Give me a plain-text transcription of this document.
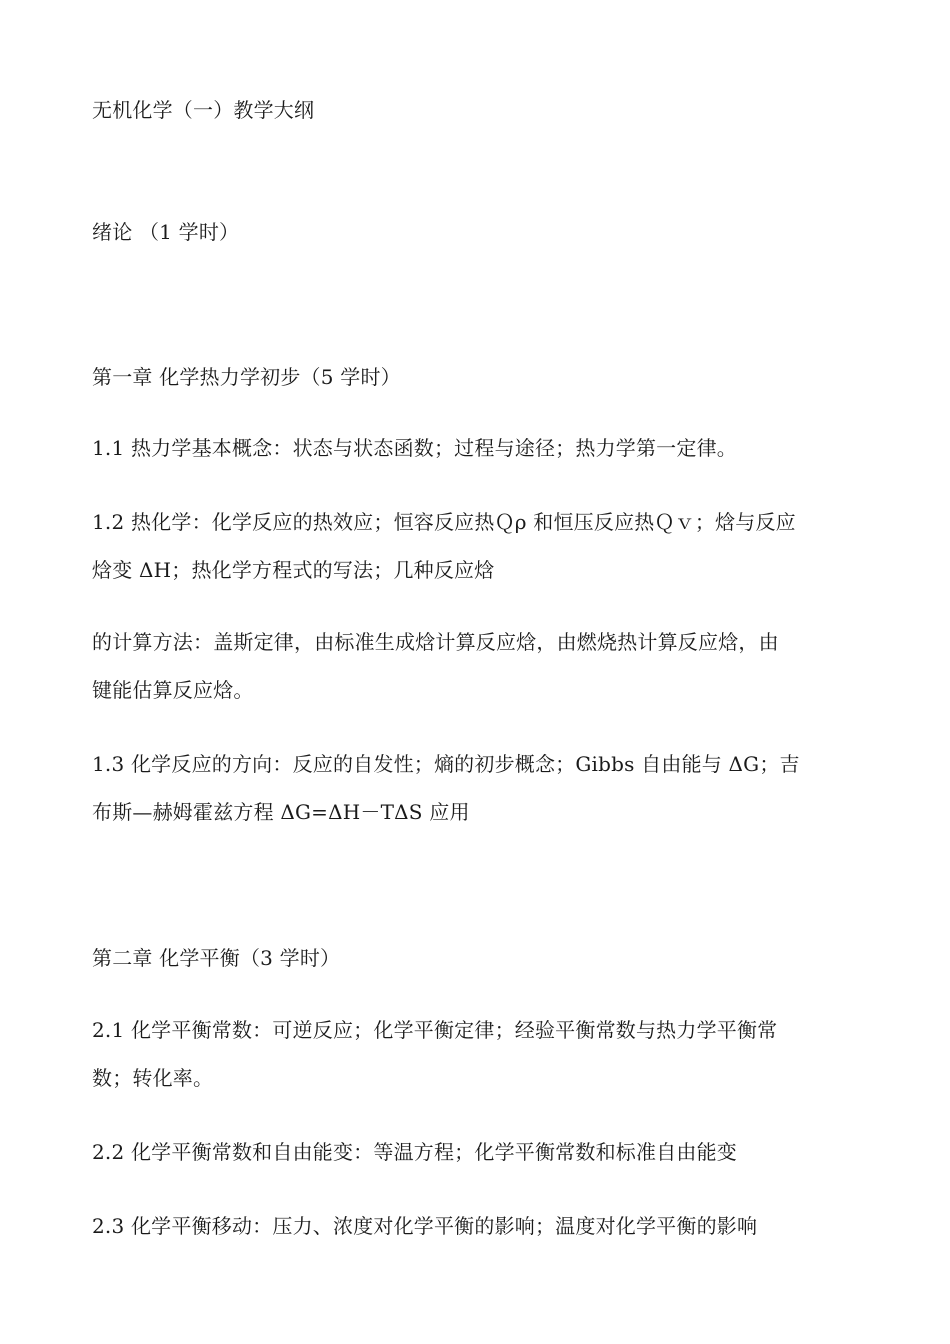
无机化学（一）教学大纲
绪论 （1 学时）
第一章 化学热力学初步（5 学时）
1.1 热力学基本概念：状态与状态函数；过程与途径；热力学第一定律。
1.2 热化学：化学反应的热效应；恒容反应热Ｑρ 和恒压反应热Ｑｖ；焓与反应
焓变 ΔH；热化学方程式的写法；几种反应焓
的计算方法：盖斯定律，由标准生成焓计算反应焓，由燃烧热计算反应焓，由
键能估算反应焓。
1.3 化学反应的方向：反应的自发性；熵的初步概念；Gibbs 自由能与 ΔG；吉
布斯—赫姆霍兹方程 ΔG=ΔH－TΔS 应用
第二章 化学平衡（3 学时）
2.1 化学平衡常数：可逆反应；化学平衡定律；经验平衡常数与热力学平衡常
数；转化率。
2.2 化学平衡常数和自由能变：等温方程；化学平衡常数和标准自由能变
2.3 化学平衡移动：压力、浓度对化学平衡的影响；温度对化学平衡的影响
